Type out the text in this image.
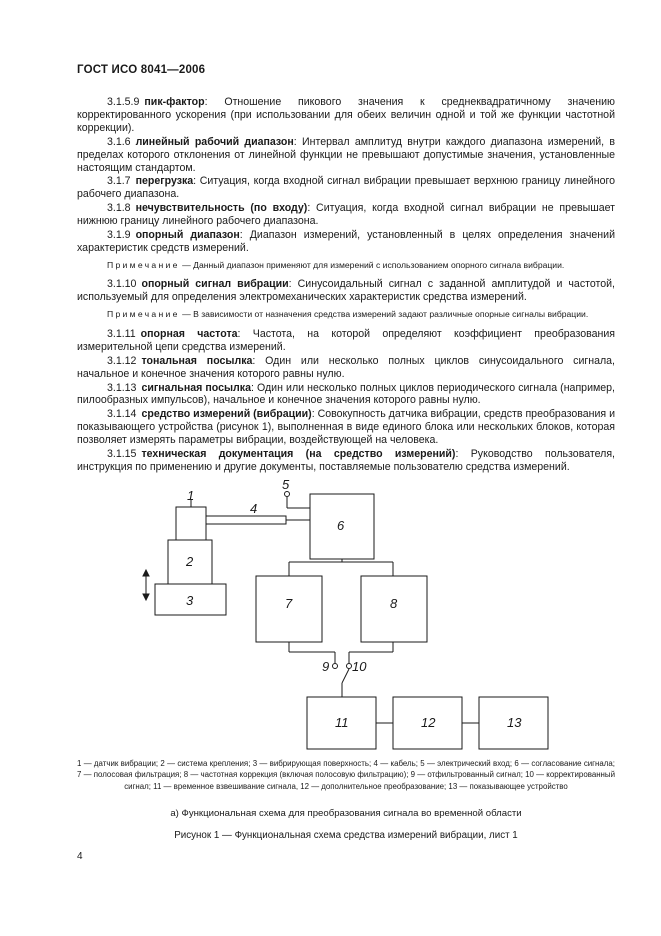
ГОСТ ИСО 8041—2006
3.1.5.9 пик-фактор: Отношение пикового значения к среднеквадратичному значению корректированного ускорения (при использовании для обеих величин одной и той же функции частотной коррекции).
3.1.6 линейный рабочий диапазон: Интервал амплитуд внутри каждого диапазона измерений, в пределах которого отклонения от линейной функции не превышают допустимые значения, установленные настоящим стандартом.
3.1.7 перегрузка: Ситуация, когда входной сигнал вибрации превышает верхнюю границу линейного рабочего диапазона.
3.1.8 нечувствительность (по входу): Ситуация, когда входной сигнал вибрации не превышает нижнюю границу линейного рабочего диапазона.
3.1.9 опорный диапазон: Диапазон измерений, установленный в целях определения значений характеристик средств измерений.
Примечание — Данный диапазон применяют для измерений с использованием опорного сигнала вибрации.
3.1.10 опорный сигнал вибрации: Синусоидальный сигнал с заданной амплитудой и частотой, используемый для определения электромеханических характеристик средства измерений.
Примечание — В зависимости от назначения средства измерений задают различные опорные сигналы вибрации.
3.1.11 опорная частота: Частота, на которой определяют коэффициент преобразования измерительной цепи средства измерений.
3.1.12 тональная посылка: Один или несколько полных циклов синусоидального сигнала, начальное и конечное значения которого равны нулю.
3.1.13 сигнальная посылка: Один или несколько полных циклов периодического сигнала (например, пилообразных импульсов), начальное и конечное значения которого равны нулю.
3.1.14 средство измерений (вибрации): Совокупность датчика вибрации, средств преобразования и показывающего устройства (рисунок 1), выполненная в виде единого блока или нескольких блоков, которая позволяет измерять параметры вибрации, воздействующей на человека.
3.1.15 техническая документация (на средство измерений): Руководство пользователя, инструкция по применению и другие документы, поставляемые пользователю средства измерений.
1
2
3
4
5
6
7	8
9 10
11	12	13
1 — датчик вибрации; 2 — система крепления; 3 — вибрирующая поверхность; 4 — кабель; 5 — электрический вход; 6 — согласование сигнала; 7 — полосовая фильтрация; 8 — частотная коррекция (включая полосовую фильтрацию); 9 — отфильтрованный сигнал; 10 — корректированный сигнал; 11 — временное взвешивание сигнала, 12 — дополнительное преобразование; 13 — показывающее устройство
а) Функциональная схема для преобразования сигнала во временной области
Рисунок 1 — Функциональная схема средства измерений вибрации, лист 1
4
